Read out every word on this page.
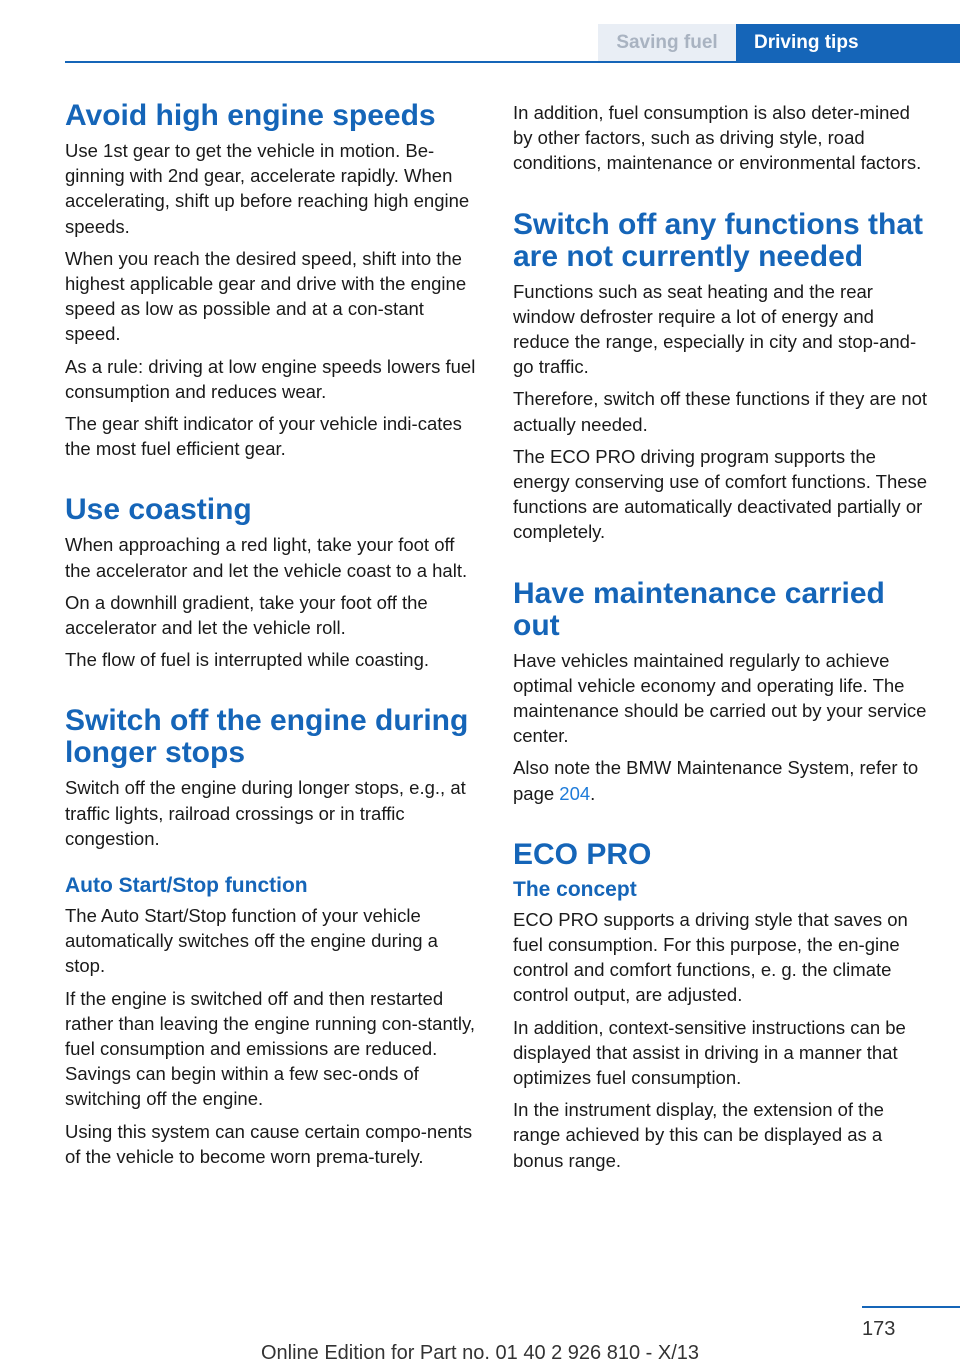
Saving fuel	Driving tips
Avoid high engine speeds

Use 1st gear to get the vehicle in motion. Be‐ginning with 2nd gear, accelerate rapidly. When accelerating, shift up before reaching high engine speeds.

When you reach the desired speed, shift into the highest applicable gear and drive with the engine speed as low as possible and at a con‐stant speed.

As a rule: driving at low engine speeds lowers fuel consumption and reduces wear.

The gear shift indicator of your vehicle indi‐cates the most fuel efficient gear.

Use coasting

When approaching a red light, take your foot off the accelerator and let the vehicle coast to a halt.

On a downhill gradient, take your foot off the accelerator and let the vehicle roll.

The flow of fuel is interrupted while coasting.

Switch off the engine during longer stops

Switch off the engine during longer stops, e.g., at traffic lights, railroad crossings or in traffic congestion.

Auto Start/Stop function

The Auto Start/Stop function of your vehicle automatically switches off the engine during a stop.

If the engine is switched off and then restarted rather than leaving the engine running con‐stantly, fuel consumption and emissions are reduced. Savings can begin within a few sec‐onds of switching off the engine.

Using this system can cause certain compo‐nents of the vehicle to become worn prema‐turely.

In addition, fuel consumption is also deter‐mined by other factors, such as driving style, road conditions, maintenance or environmental factors.

Switch off any functions that are not currently needed

Functions such as seat heating and the rear window defroster require a lot of energy and reduce the range, especially in city and stop-and-go traffic.

Therefore, switch off these functions if they are not actually needed.

The ECO PRO driving program supports the energy conserving use of comfort functions. These functions are automatically deactivated partially or completely.

Have maintenance carried out

Have vehicles maintained regularly to achieve optimal vehicle economy and operating life. The maintenance should be carried out by your service center.

Also note the BMW Maintenance System, refer to page 204.

ECO PRO
The concept

ECO PRO supports a driving style that saves on fuel consumption. For this purpose, the en‐gine control and comfort functions, e. g. the climate control output, are adjusted.

In addition, context-sensitive instructions can be displayed that assist in driving in a manner that optimizes fuel consumption.

In the instrument display, the extension of the range achieved by this can be displayed as a bonus range.

173
Online Edition for Part no. 01 40 2 926 810 - X/13
